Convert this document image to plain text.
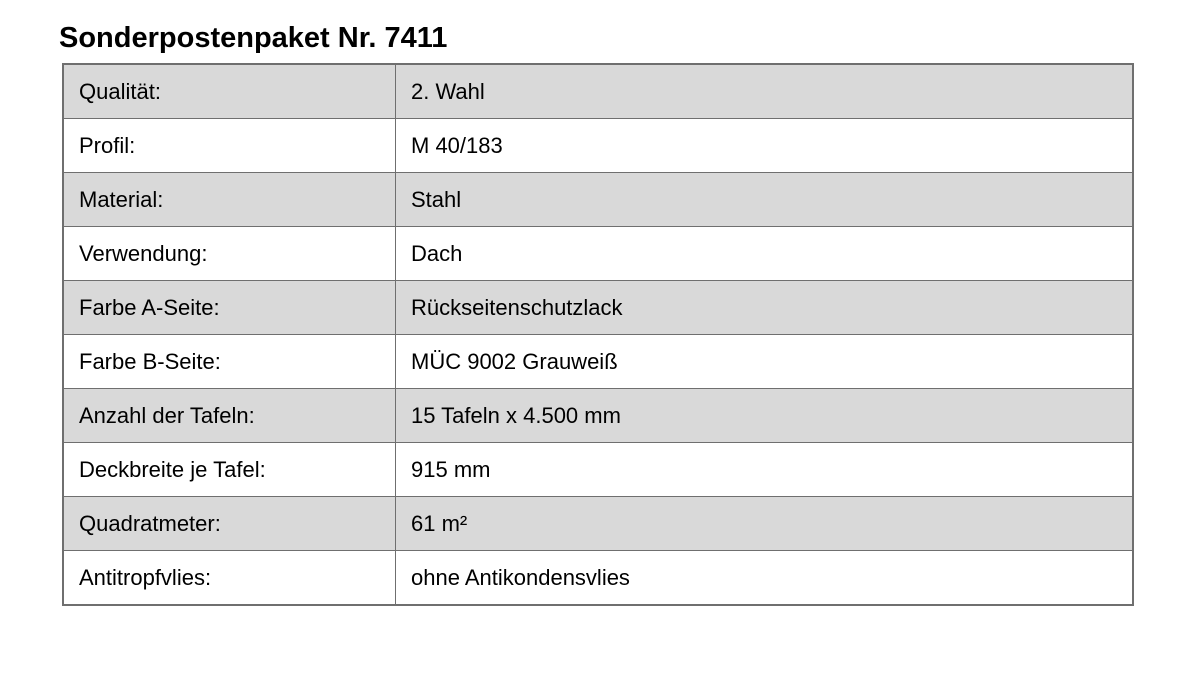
Sonderpostenpaket Nr. 7411
Qualität:	2. Wahl
Profil:	M 40/183
Material:	Stahl
Verwendung:	Dach
Farbe A-Seite:	Rückseitenschutzlack
Farbe B-Seite:	MÜC 9002 Grauweiß
Anzahl der Tafeln:	15 Tafeln x 4.500 mm
Deckbreite je Tafel:	915 mm
Quadratmeter:	61 m²
Antitropfvlies:	ohne Antikondensvlies
